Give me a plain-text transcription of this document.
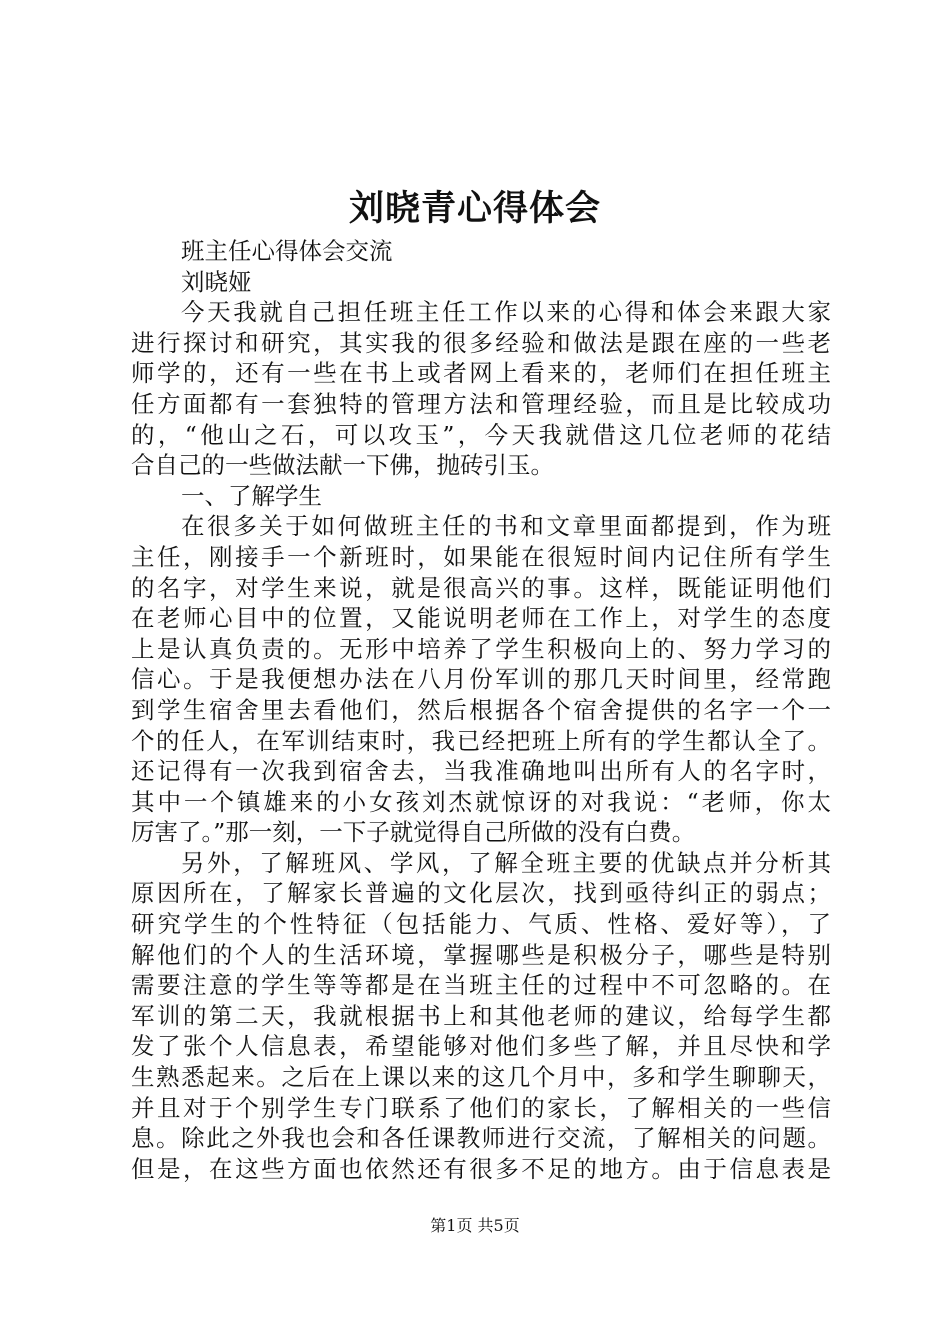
刘晓青心得体会
班主任心得体会交流
刘晓娅
今天我就自己担任班主任工作以来的心得和体会来跟大家
进行探讨和研究，其实我的很多经验和做法是跟在座的一些老
师学的，还有一些在书上或者网上看来的，老师们在担任班主
任方面都有一套独特的管理方法和管理经验，而且是比较成功
的，“他山之石，可以攻玉”，今天我就借这几位老师的花结
合自己的一些做法献一下佛，抛砖引玉。
一、了解学生
在很多关于如何做班主任的书和文章里面都提到，作为班
主任，刚接手一个新班时，如果能在很短时间内记住所有学生
的名字，对学生来说，就是很高兴的事。这样，既能证明他们
在老师心目中的位置，又能说明老师在工作上，对学生的态度
上是认真负责的。无形中培养了学生积极向上的、努力学习的
信心。于是我便想办法在八月份军训的那几天时间里，经常跑
到学生宿舍里去看他们，然后根据各个宿舍提供的名字一个一
个的任人，在军训结束时，我已经把班上所有的学生都认全了。
还记得有一次我到宿舍去，当我准确地叫出所有人的名字时，
其中一个镇雄来的小女孩刘杰就惊讶的对我说：“老师，你太
厉害了。”那一刻，一下子就觉得自己所做的没有白费。
另外，了解班风、学风，了解全班主要的优缺点并分析其
原因所在，了解家长普遍的文化层次，找到亟待纠正的弱点；
研究学生的个性特征（包括能力、气质、性格、爱好等），了
解他们的个人的生活环境，掌握哪些是积极分子，哪些是特别
需要注意的学生等等都是在当班主任的过程中不可忽略的。在
军训的第二天，我就根据书上和其他老师的建议，给每学生都
发了张个人信息表，希望能够对他们多些了解，并且尽快和学
生熟悉起来。之后在上课以来的这几个月中，多和学生聊聊天，
并且对于个别学生专门联系了他们的家长，了解相关的一些信
息。除此之外我也会和各任课教师进行交流，了解相关的问题。
但是，在这些方面也依然还有很多不足的地方。由于信息表是
第1页 共5页
